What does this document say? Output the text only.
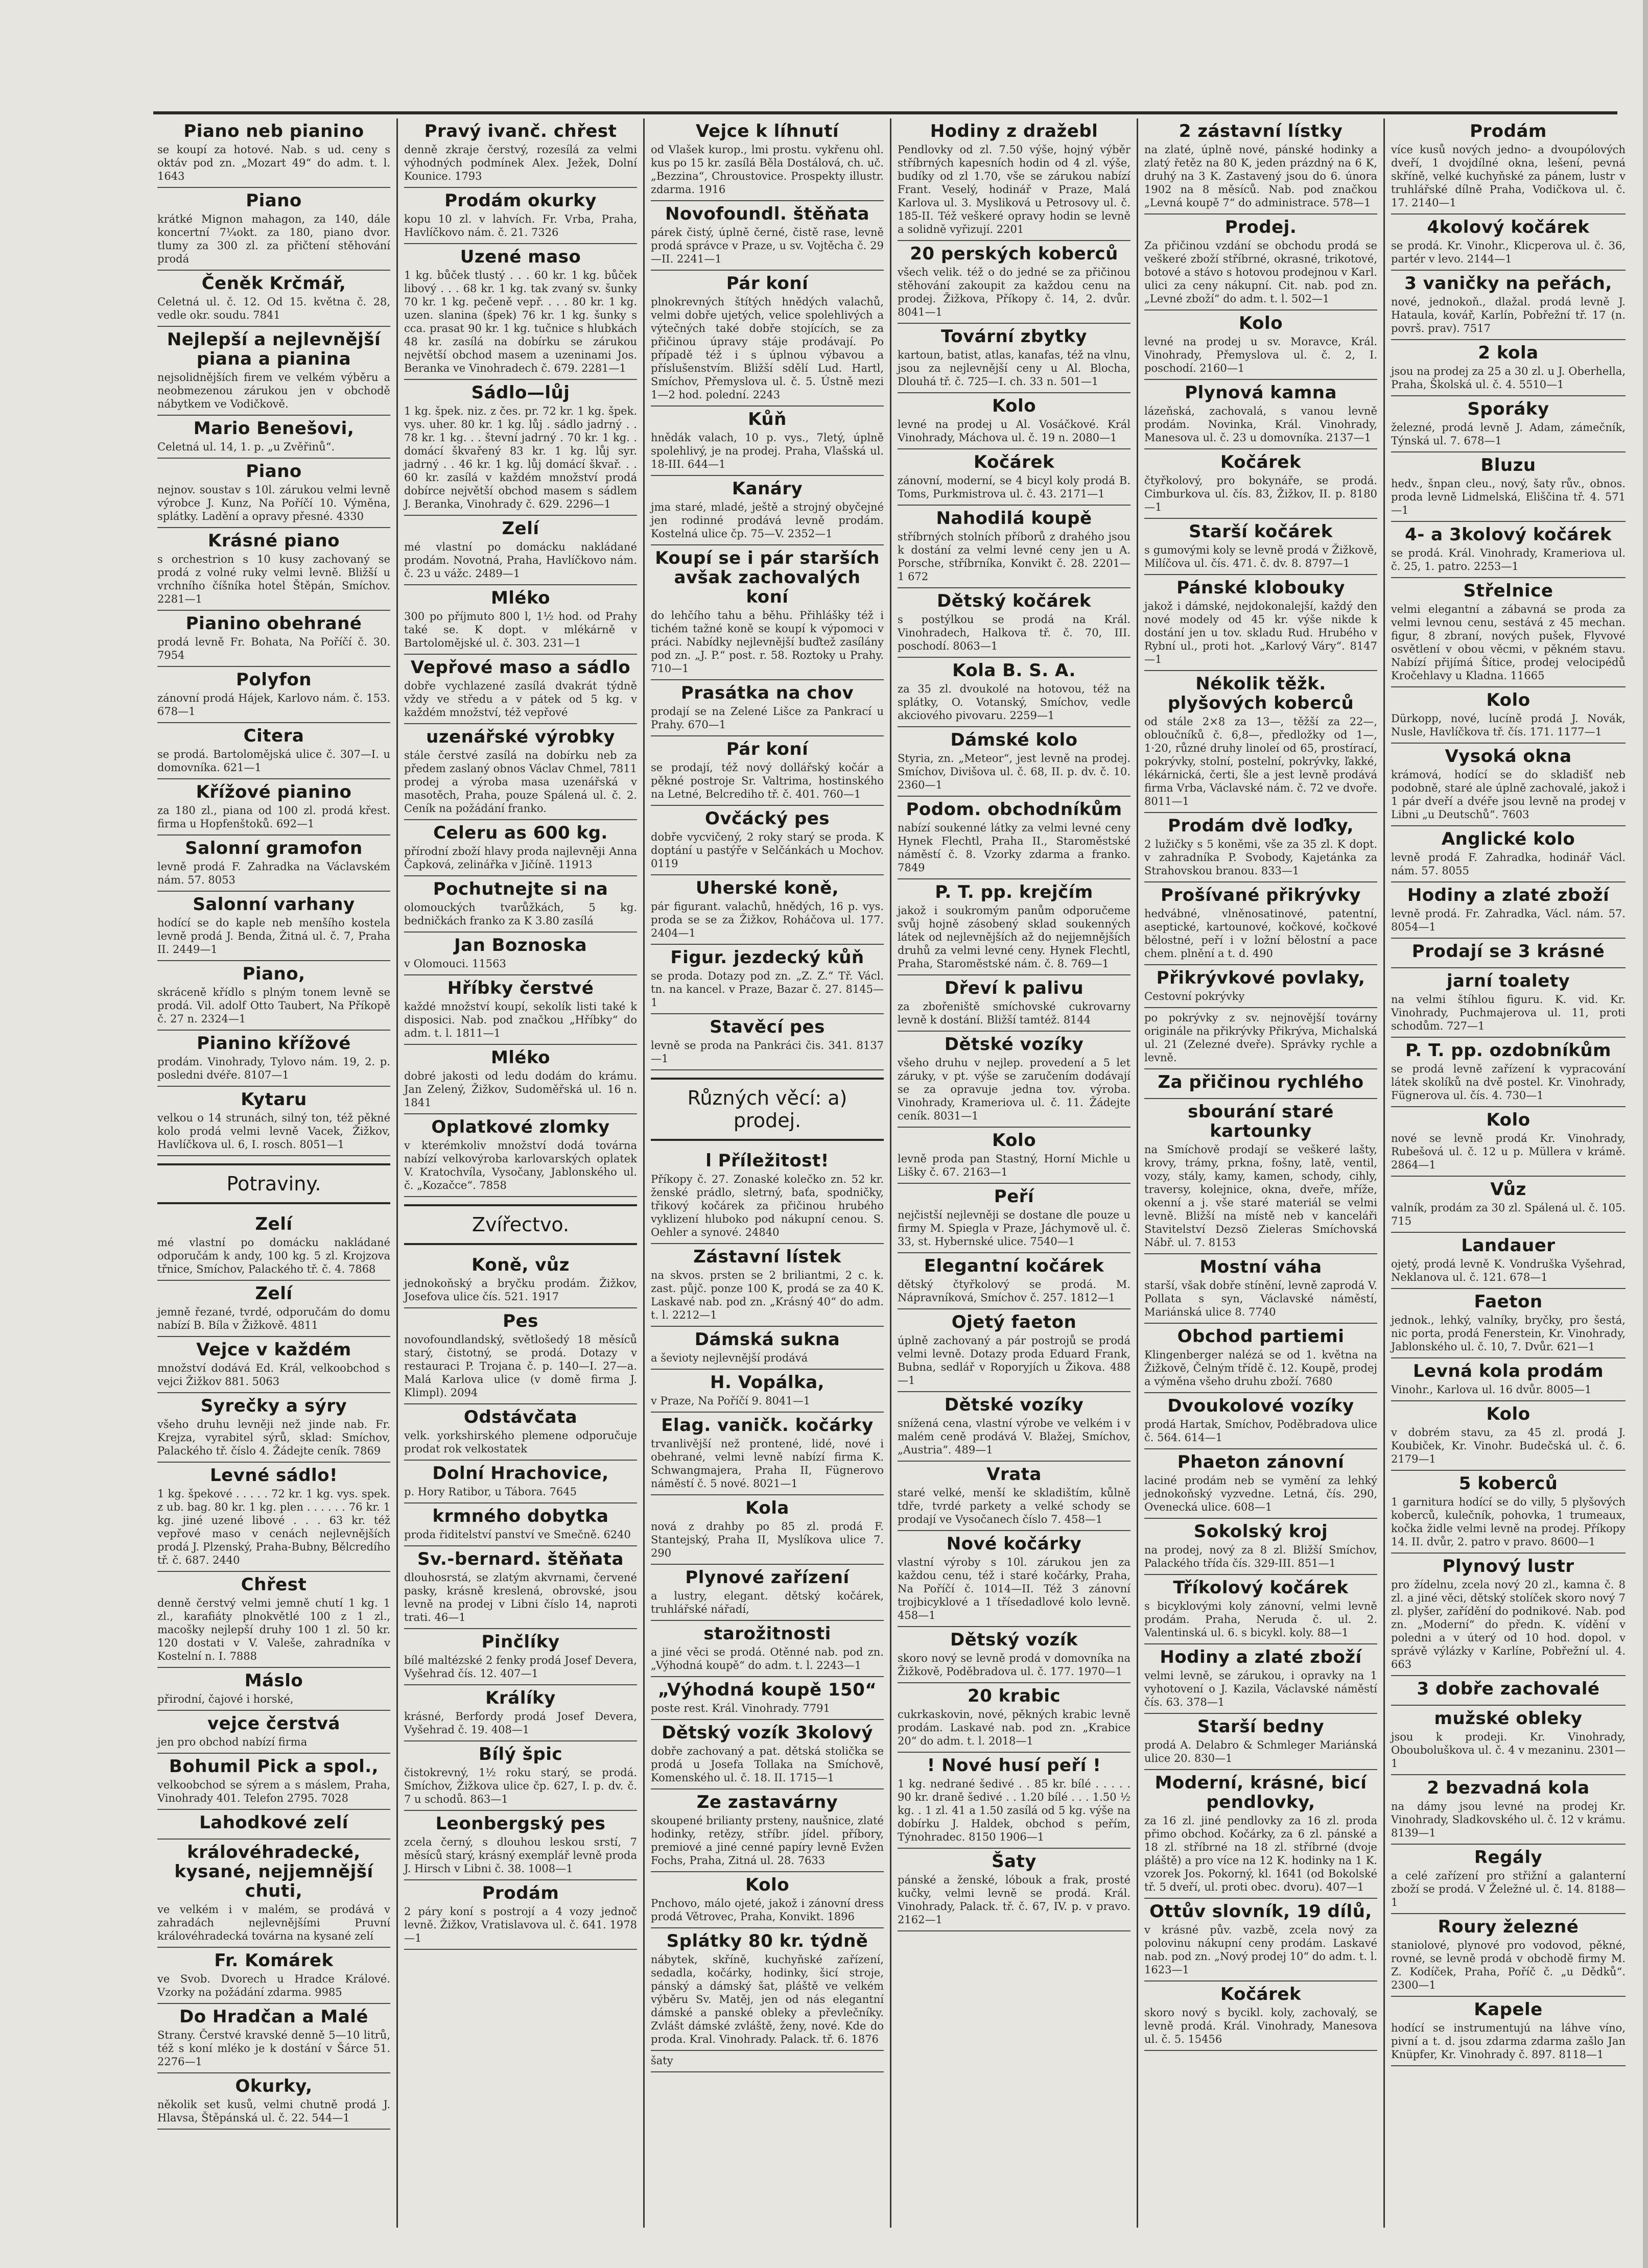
Piano neb pianino

se koupí za hotové. Nab. s ud. ceny s oktáv pod zn. „Mozart 49“ do adm. t. l. 1643

Piano

krátké Mignon mahagon, za 140, dále koncertní 7¼okt. za 180, piano dvor. tlumy za 300 zl. za přičtení stěhování prodá

Čeněk Krčmář,

Celetná ul. č. 12. Od 15. května č. 28, vedle okr. soudu. 7841

Nejlepší a nejlevnější piana a pianina

nejsolidnějších firem ve velkém výběru a neobmezenou zárukou jen v obchodě nábytkem ve Vodičkově.

Mario Benešovi,

Celetná ul. 14, 1. p. „u Zvěřinů“.

Piano

nejnov. soustav s 10l. zárukou velmi levně výrobce J. Kunz, Na Poříčí 10. Výměna, splátky. Ladění a opravy přesné. 4330

Krásné piano

s orchestrion s 10 kusy zachovaný se prodá z volné ruky velmi levně. Bližší u vrchního číšníka hotel Štěpán, Smíchov. 2281—1

Pianino obehrané

prodá levně Fr. Bohata, Na Poříčí č. 30. 7954

Polyfon

zánovní prodá Hájek, Karlovo nám. č. 153. 678—1

Citera

se prodá. Bartolomějská ulice č. 307—I. u domovníka. 621—1

Křížové pianino

za 180 zl., piana od 100 zl. prodá křest. firma u Hopfenštoků. 692—1

Salonní gramofon

levně prodá F. Zahradka na Václavském nám. 57. 8053

Salonní varhany

hodící se do kaple neb menšího kostela levně prodá J. Benda, Žitná ul. č. 7, Praha II. 2449—1

Piano,

skráceně křídlo s plným tonem levně se prodá. Vil. adolf Otto Taubert, Na Příkopě č. 27 n. 2324—1

Pianino křížové

prodám. Vinohrady, Tylovo nám. 19, 2. p. posledni dvéře. 8107—1

Kytaru

velkou o 14 strunách, silný ton, též pěkné kolo prodá velmi levně Vacek, Žižkov, Havlíčkova ul. 6, I. rosch. 8051—1

Potraviny.
Zelí

mé vlastní po domácku nakládané odporučám k andy, 100 kg. 5 zl. Krojzova třnice, Smíchov, Palackého tř. č. 4. 7868

Zelí

jemně řezané, tvrdé, odporučám do domu nabízí B. Bíla v Žižkově. 4811

Vejce v každém

množství dodává Ed. Král, velkoobchod s vejci Žižkov 881. 5063

Syrečky a sýry

všeho druhu levněji než jinde nab. Fr. Krejza, vyrabitel sýrů, sklad: Smíchov, Palackého tř. číslo 4. Žádejte ceník. 7869

Levné sádlo!

1 kg. špekové . . . . . 72 kr. 1 kg. vys. spek. z ub. bag. 80 kr. 1 kg. plen . . . . . . 76 kr. 1 kg. jiné uzené libové . . . 63 kr. též vepřové maso v cenách nejlevnějších prodá J. Plzenský, Praha-Bubny, Bělcredího tř. č. 687. 2440

Chřest

denně čerstvý velmi jemně chutí 1 kg. 1 zl., karafiáty plnokvětlé 100 z 1 zl., macošky nejlepší druhy 100 1 zl. 50 kr. 120 dostati v V. Valeše, zahradníka v Kostelní n. I. 7888

Máslo

přirodní, čajové i horské,

vejce čerstvá

jen pro obchod nabízí firma

Bohumil Pick a spol.,

velkoobchod se sýrem a s máslem, Praha, Vinohrady 401. Telefon 2795. 7028

Lahodkové zelí
královéhradecké, kysané, nejjemnější chuti,

ve velkém i v malém, se prodává v zahradách nejlevnějšími Pruvní královéhradecká továrna na kysané zelí

Fr. Komárek

ve Svob. Dvorech u Hradce Králové. Vzorky na požádání zdarma. 9985

Do Hradčan a Malé

Strany. Čerstvé kravské denně 5—10 litrů, též s koní mléko je k dostání v Šárce 51. 2276—1

Okurky,

několik set kusů, velmi chutně prodá J. Hlavsa, Štěpánská ul. č. 22. 544—1

Pravý ivanč. chřest

denně zkraje čerstvý, rozesílá za velmi výhodných podmínek Alex. Ježek, Dolní Kounice. 1793

Prodám okurky

kopu 10 zl. v lahvích. Fr. Vrba, Praha, Havlíčkovo nám. č. 21. 7326

Uzené maso

1 kg. bůček tlustý . . . 60 kr. 1 kg. bůček libový . . . 68 kr. 1 kg. tak zvaný sv. šunky 70 kr. 1 kg. pečeně vepř. . . . 80 kr. 1 kg. uzen. slanina (špek) 76 kr. 1 kg. šunky s cca. prasat 90 kr. 1 kg. tučnice s hlubkách 48 kr. zasílá na dobírku se zárukou největší obchod masem a uzeninami Jos. Beranka ve Vinohradech č. 679. 2281—1

Sádlo—lůj

1 kg. špek. niz. z čes. pr. 72 kr. 1 kg. špek. vys. uher. 80 kr. 1 kg. lůj . sádlo jadrný . . 78 kr. 1 kg. . . števní jadrný . 70 kr. 1 kg. . domácí škvařený 83 kr. 1 kg. lůj syr. jadrný . . 46 kr. 1 kg. lůj domácí škvař. . . 60 kr. zasílá v každém množství prodá dobírce největší obchod masem s sádlem J. Beranka, Vinohrady č. 629. 2296—1

Zelí

mé vlastní po domácku nakládané prodám. Novotná, Praha, Havlíčkovo nám. č. 23 u vážc. 2489—1

Mléko

300 po příjmuto 800 l, 1½ hod. od Prahy také se. K dopt. v mlékárně v Bartolomějské ul. č. 303. 231—1

Vepřové maso a sádlo

dobře vychlazené zasílá dvakrát týdně vždy ve středu a v pátek od 5 kg. v každém množství, též vepřové

uzenářské výrobky

stále čerstvé zasílá na dobírku neb za předem zaslaný obnos Václav Chmel, 7811 prodej a výroba masa uzenářská v masotěch, Praha, pouze Spálená ul. č. 2. Ceník na požádání franko.

Celeru as 600 kg.

přírodní zboží hlavy proda najlevněji Anna Čapková, zelinářka v Jičíně. 11913

Pochutnejte si na

olomouckých tvarůžkách, 5 kg. bedničkách franko za K 3.80 zasílá

Jan Boznoska

v Olomouci. 11563

Hříbky čerstvé

každé množství koupí, sekolík listi také k disposici. Nab. pod značkou „Hříbky“ do adm. t. l. 1811—1

Mléko

dobré jakosti od ledu dodám do krámu. Jan Zelený, Žižkov, Sudoměřská ul. 16 n. 1841

Oplatkové zlomky

v kterémkoliv množství dodá továrna nabízí velkovýroba karlovarských oplatek V. Kratochvíla, Vysočany, Jablonského ul. č. „Kozačce“. 7858

Zvířectvo.
Koně, vůz

jednokoňský a bryčku prodám. Žižkov, Josefova ulice čís. 521. 1917

Pes

novofoundlandský, světlošedý 18 měsíců starý, čistotný, se prodá. Dotazy v restauraci P. Trojana č. p. 140—I. 27—a. Malá Karlova ulice (v domě firma J. Klimpl). 2094

Odstávčata

velk. yorkshirského plemene odporučuje prodat rok velkostatek

Dolní Hrachovice,

p. Hory Ratibor, u Tábora. 7645

krmného dobytka

proda řiditelství panství ve Smečně. 6240

Sv.-bernard. štěňata

dlouhosrstá, se zlatým akvrnami, červené pasky, krásně kreslená, obrovské, jsou levně na prodej v Libni číslo 14, naproti trati. 46—1

Pinčlíky

bílé maltézské 2 fenky prodá Josef Devera, Vyšehrad čís. 12. 407—1

Králíky

krásné, Berfordy prodá Josef Devera, Vyšehrad č. 19. 408—1

Bílý špic

čistokrevný, 1½ roku starý, se prodá. Smíchov, Žižkova ulice čp. 627, I. p. dv. č. 7 u schodů. 863—1

Leonbergský pes

zcela černý, s dlouhou leskou srstí, 7 měsíců starý, krásný exemplář levně proda J. Hirsch v Libni č. 38. 1008—1

Prodám

2 páry koní s postrojí a 4 vozy jednoč levně. Žižkov, Vratislavova ul. č. 641. 1978—1

Vejce k líhnutí

od Vlašek kurop., lmi prostu. vykřenu ohl. kus po 15 kr. zasílá Běla Dostálová, ch. uč. „Bezzina“, Chroustovice. Prospekty illustr. zdarma. 1916

Novofoundl. štěňata

párek čistý, úplně černé, čistě rase, levně prodá správce v Praze, u sv. Vojtěcha č. 29—II. 2241—1

Pár koní

plnokrevných štítých hnědých valachů, velmi dobře ujetých, velice spolehlivých a výtečných také dobře stojících, se za přičinou úpravy stáje prodávají. Po případě též i s úplnou výbavou a příslušenstvím. Bližší sdělí Lud. Hartl, Smíchov, Přemyslova ul. č. 5. Ústně mezi 1—2 hod. polední. 2243

Kůň

hnědák valach, 10 p. vys., 7letý, úplně spolehlivý, je na prodej. Praha, Vlašská ul. 18-III. 644—1

Kanáry

jma staré, mladé, ještě a strojný obyčejné jen rodinné prodává levně prodám. Kostelná ulice čp. 75—V. 2352—1

Koupí se i pár starších avšak zachovalých koní

do lehčího tahu a běhu. Přihlášky též i tichém tažné koně se koupí k výpomoci v práci. Nabídky nejlevnější buďtež zasílány pod zn. „J. P.“ post. r. 58. Roztoky u Prahy. 710—1

Prasátka na chov

prodají se na Zelené Lišce za Pankrací u Prahy. 670—1

Pár koní

se prodají, též nový dollářský kočár a pěkné postroje Sr. Valtrima, hostinského na Letné, Belcrediho tř. č. 401. 760—1

Ovčácký pes

dobře vycvičený, 2 roky starý se proda. K doptání u pastýře v Selčánkách u Mochov. 0119

Uherské koně,

pár figurant. valachů, hnědých, 16 p. vys. proda se se za Žižkov, Roháčova ul. 177. 2404—1

Figur. jezdecký kůň

se proda. Dotazy pod zn. „Z. Z.“ Tř. Václ. tn. na kancel. v Praze, Bazar č. 27. 8145—1

Stavěcí pes

levně se proda na Pankráci čis. 341. 8137—1

Různých věcí: a) prodej.
l Příležitost!

Příkopy č. 27. Zonaské kolečko zn. 52 kr. ženské prádlo, sletrný, baťa, spodničky, třikový kočárek za přičinou hrubého vyklizení hluboko pod nákupní cenou. S. Oehler a synové. 24840

Zástavní lístek

na skvos. prsten se 2 briliantmi, 2 c. k. zast. půjč. ponze 100 K, prodá se za 40 K. Laskavé nab. pod zn. „Krásný 40“ do adm. t. l. 2212—1

Dámská sukna

a ševioty nejlevnější prodává

H. Vopálka,

v Praze, Na Poříčí 9. 8041—1

Elag. vaničk. kočárky

trvanlivější než prontené, lidé, nové i obehrané, velmi levně nabízí firma K. Schwangmajera, Praha II, Fügnerovo náměstí č. 5 nové. 8021—1

Kola

nová z drahby po 85 zl. prodá F. Stantejský, Praha II, Myslíkova ulice 7. 290

Plynové zařízení

a lustry, elegant. dětský kočárek, truhlářské nářadí,

starožitnosti

a jiné věci se prodá. Otěnné nab. pod zn. „Výhodná koupě“ do adm. t. l. 2243—1

„Výhodná koupě 150“

poste rest. Král. Vinohrady. 7791

Dětský vozík 3kolový

dobře zachovaný a pat. dětská stolička se prodá u Josefa Tollaka na Smíchově, Komenského ul. č. 18. II. 1715—1

Ze zastavárny

skoupené brilianty prsteny, naušnice, zlaté hodinky, retězy, stříbr. jídel. příbory, premiové a jiné cenné papíry levně Evžen Fochs, Praha, Zitná ul. 28. 7633

Kolo

Pnchovo, málo ojeté, jakož i zánovní dress prodá Větrovec, Praha, Konvikt. 1896

Splátky 80 kr. týdně

nábytek, skříně, kuchyňské zařízení, sedadla, kočárky, hodinky, šicí stroje, pánský a dámský šat, pláště ve velkém výběru Sv. Matěj, jen od nás elegantní dámské a panské obleky a převlečníky. Zvlášt dámské zvláště, ženy, nové. Kde do proda. Kral. Vinohrady. Palack. tř. 6. 1876

šaty

Hodiny z dražebl

Pendlovky od zl. 7.50 výše, hojný výběr stříbrných kapesních hodin od 4 zl. výše, budíky od zl 1.70, vše se zárukou nabízí Frant. Veselý, hodinář v Praze, Malá Karlova ul. 3. Mysliková u Petrosovy ul. č. 185-II. Též veškeré opravy hodin se levně a solidně vyřizují. 2201

20 perských koberců

všech velik. též o do jedné se za přičinou stěhování zakoupit za každou cenu na prodej. Žižkova, Příkopy č. 14, 2. dvůr. 8041—1

Tovární zbytky

kartoun, batist, atlas, kanafas, též na vlnu, jsou za nejlevnější ceny u Al. Blocha, Dlouhá tř. č. 725—I. ch. 33 n. 501—1

Kolo

levné na prodej u Al. Vosáčkové. Král Vinohrady, Máchova ul. č. 19 n. 2080—1

Kočárek

zánovní, moderní, se 4 bicyl koly prodá B. Toms, Purkmistrova ul. č. 43. 2171—1

Nahodilá koupě

stříbrných stolních příborů z drahého jsou k dostání za velmi levné ceny jen u A. Porsche, stříbrníka, Konvikt č. 28. 2201—1 672

Dětský kočárek

s postýlkou se prodá na Král. Vinohradech, Halkova tř. č. 70, III. poschodí. 8063—1

Kola B. S. A.

za 35 zl. dvoukolé na hotovou, též na splátky, O. Votanský, Smíchov, vedle akciového pivovaru. 2259—1

Dámské kolo

Styria, zn. „Meteor“, jest levně na prodej. Smíchov, Divišova ul. č. 68, II. p. dv. č. 10. 2360—1

Podom. obchodníkům

nabízí soukenné látky za velmi levné ceny Hynek Flechtl, Praha II., Staroměstské náměstí č. 8. Vzorky zdarma a franko. 7849

P. T. pp. krejčím

jakož i soukromým panům odporučeme svůj hojně zásobený sklad soukenných látek od nejlevnějších až do nejjemnějších druhů za velmi levné ceny. Hynek Flechtl, Praha, Staroměstské nám. č. 8. 769—1

Dřeví k palivu

za zbořeniště smíchovské cukrovarny levně k dostání. Bližší tamtéž. 8144

Dětské vozíky

všeho druhu v nejlep. provedení a 5 let záruky, v pt. výše se zaručením dodávají se za opravuje jedna tov. výroba. Vinohrady, Krameriova ul. č. 11. Žádejte ceník. 8031—1

Kolo

levně proda pan Stastný, Horní Michle u Lišky č. 67. 2163—1

Peří

nejčistší nejlevněji se dostane dle pouze u firmy M. Spiegla v Praze, Jáchymově ul. č. 33, st. Hybernské ulice. 7540—1

Elegantní kočárek

dětský čtyřkolový se prodá. M. Nápravníková, Smíchov č. 257. 1812—1

Ojetý faeton

úplně zachovaný a pár postrojů se prodá velmi levně. Dotazy proda Eduard Frank, Bubna, sedlář v Roporyjích u Žikova. 488—1

Dětské vozíky

snížená cena, vlastní výrobe ve velkém i v malém ceně prodává V. Blažej, Smíchov, „Austria“. 489—1

Vrata

staré velké, menší ke skladištím, kůlně tdře, tvrdé parkety a velké schody se prodají ve Vysočanech číslo 7. 458—1

Nové kočárky

vlastní výroby s 10l. zárukou jen za každou cenu, též i staré kočárky, Praha, Na Poříčí č. 1014—II. Též 3 zánovní trojbicyklové a 1 třísedadlové kolo levně. 458—1

Dětský vozík

skoro nový se levně prodá v domovníka na Žižkově, Poděbradova ul. č. 177. 1970—1

20 krabic

cukrkaskovin, nové, pěkných krabic levně prodám. Laskavé nab. pod zn. „Krabice 20“ do adm. t. l. 2018—1

! Nové husí peří !

1 kg. nedrané šedivé . . 85 kr. bílé . . . . . 90 kr. draně šedivé . . 1.20 bílé . . . 1.50 ½ kg. . 1 zl. 41 a 1.50 zasílá od 5 kg. výše na dobírku J. Haldek, obchod s peřím, Týnohradec. 8150 1906—1

Šaty

pánské a ženské, lóbouk a frak, prosté kučky, velmi levně se prodá. Král. Vinohrady, Palack. tř. č. 67, IV. p. v pravo. 2162—1

2 zástavní lístky

na zlaté, úplně nové, pánské hodinky a zlatý řetěz na 80 K, jeden prázdný na 6 K, druhý na 3 K. Zastavený jsou do 6. února 1902 na 8 měsíců. Nab. pod značkou „Levná koupě 7“ do administrace. 578—1

Prodej.

Za přičinou vzdání se obchodu prodá se veškeré zboží stříbrné, okrasné, trikotové, botové a stávo s hotovou prodejnou v Karl. ulici za ceny nákupní. Cit. nab. pod zn. „Levné zboží“ do adm. t. l. 502—1

Kolo

levné na prodej u sv. Moravce, Král. Vinohrady, Přemyslova ul. č. 2, I. poschodí. 2160—1

Plynová kamna

lázeňská, zachovalá, s vanou levně prodám. Novinka, Král. Vinohrady, Manesova ul. č. 23 u domovníka. 2137—1

Kočárek

čtyřkolový, pro bokynáře, se prodá. Cimburkova ul. čís. 83, Žižkov, II. p. 8180—1

Starší kočárek

s gumovými koly se levně prodá v Žižkově, Milíčova ul. čís. 471. č. dv. 8. 8797—1

Pánské klobouky

jakož i dámské, nejdokonalejší, každý den nové modely od 45 kr. výše nikde k dostání jen u tov. skladu Rud. Hrubého v Rybní ul., proti hot. „Karlový Váry“. 8147—1

Nékolik těžk. plyšových koberců

od stále 2×8 za 13—, těžší za 22—, obloučníků č. 6,8—, předložky od 1—, 1·20, různé druhy linoleí od 65, prostírací, pokrývky, stolní, postelní, pokrývky, ľakké, lékárnická, čerti, šle a jest levně prodává firma Vrba, Václavské nám. č. 72 ve dvoře. 8011—1

Prodám dvě loďky,

2 lužičky s 5 koněmi, vše za 35 zl. K dopt. v zahradníka P. Svobody, Kajetánka za Strahovskou branou. 833—1

Prošívané přikrývky

hedvábné, vlněnosatinové, patentní, aseptické, kartounové, kočkové, kočkové bělostné, peří i v ložní bělostní a pace chem. plnění a t. d. 490

Přikrývkové povlaky,

Cestovní pokrývky

po pokrývky z sv. nejnovější továrny originále na přikrývky Přikrýva, Michalská ul. 21 (Zelezné dveře). Správky rychle a levně.

Za přičinou rychlého
sbourání staré kartounky

na Smíchově prodají se veškeré lašty, krovy, trámy, prkna, fošny, latě, ventil, vozy, stály, kamy, kamen, schody, cihly, traversy, kolejnice, okna, dveře, mříže, okenní a j. vše staré materiál se velmi levně. Bližší na místě neb v kanceláři Stavitelství Dezsö Zieleras Smíchovská Nábř. ul. 7. 8153

Mostní váha

starší, však dobře stínění, levně zaprodá V. Pollata s syn, Václavské náměstí, Mariánská ulice 8. 7740

Obchod partiemi

Klingenberger nalézá se od 1. května na Žižkově, Čelným třídě č. 12. Koupě, prodej a výměna všeho druhu zboží. 7680

Dvoukolové vozíky

prodá Hartak, Smíchov, Poděbradova ulice č. 564. 614—1

Phaeton zánovní

laciné prodám neb se vymění za lehký jednokoňský vyzvedne. Letná, čís. 290, Ovenecká ulice. 608—1

Sokolský kroj

na prodej, nový za 8 zl. Bližší Smíchov, Palackého třída čís. 329-III. 851—1

Tříkolový kočárek

s bicyklovými koly zánovní, velmi levně prodám. Praha, Neruda č. ul. 2. Valentinská ul. 6. s bicykl. koly. 88—1

Hodiny a zlaté zboží

velmi levně, se zárukou, i opravky na 1 vyhotovení o J. Kazila, Václavské náměstí čís. 63. 378—1

Starší bedny

prodá A. Delabro & Schmleger Mariánská ulice 20. 830—1

Moderní, krásné, bicí pendlovky,

za 16 zl. jiné pendlovky za 16 zl. proda přimo obchod. Kočárky, za 6 zl. pánské a 18 zl. stříbrné na 18 zl. stříbrné (dvoje pláště) a pro více na 12 K. hodinky na 1 K. vzorek Jos. Pokorný, kl. 1641 (od Bokolské tř. 5 dveří, ul. proti obec. dvoru). 407—1

Ottův slovník, 19 dílů,

v krásné pův. vazbě, zcela nový za polovinu nákupní ceny prodám. Laskavé nab. pod zn. „Nový prodej 10“ do adm. t. l. 1623—1

Kočárek

skoro nový s bycikl. koly, zachovalý, se levně prodá. Král. Vinohrady, Manesova ul. č. 5. 15456

Prodám

více kusů nových jedno- a dvoupólových dveří, 1 dvojdílné okna, lešení, pevná skříně, velké kuchyňské za pánem, lustr v truhlářské dílně Praha, Vodičkova ul. č. 17. 2140—1

4kolový kočárek

se prodá. Kr. Vinohr., Klicperova ul. č. 36, partér v levo. 2144—1

3 vaničky na peřách,

nové, jednokoň., dlažal. prodá levně J. Hataula, kovář, Karlín, Pobřežní tř. 17 (n. površ. prav). 7517

2 kola

jsou na prodej za 25 a 30 zl. u J. Oberhella, Praha, Školská ul. č. 4. 5510—1

Sporáky

železné, prodá levně J. Adam, zámečník, Týnská ul. 7. 678—1

Bluzu

hedv., šnpan cleu., nový, šaty rův., obnos. proda levně Lidmelská, Eliščina tř. 4. 571—1

4- a 3kolový kočárek

se prodá. Král. Vinohrady, Krameriova ul. č. 25, 1. patro. 2253—1

Střelnice

velmi elegantní a zábavná se proda za velmi levnou cenu, sestává z 45 mechan. figur, 8 zbraní, nových pušek, Flyvové osvětlení v obou věcmi, v pěkném stavu. Nabízí přijímá Šítice, prodej velocipédů Kročehlavy u Kladna. 11665

Kolo

Dürkopp, nové, lucíně prodá J. Novák, Nusle, Havlíčkova tř. čís. 171. 1177—1

Vysoká okna

krámová, hodící se do skladišť neb podobně, staré ale úplně zachovalé, jakož i 1 pár dveří a dvéře jsou levně na prodej v Libni „u Deutschů“. 7603

Anglické kolo

levně prodá F. Zahradka, hodinář Václ. nám. 57. 8055

Hodiny a zlaté zboží

levně prodá. Fr. Zahradka, Václ. nám. 57. 8054—1

Prodají se 3 krásné
jarní toalety

na velmi štíhlou figuru. K. vid. Kr. Vinohrady, Puchmajerova ul. 11, proti schodům. 727—1

P. T. pp. ozdobníkům

se prodá levně zařízení k vypracování látek skolíků na dvě postel. Kr. Vinohrady, Fügnerova ul. čís. 4. 730—1

Kolo

nové se levně prodá Kr. Vinohrady, Rubešová ul. č. 12 u p. Müllera v krámě. 2864—1

Vůz

valník, prodám za 30 zl. Spálená ul. č. 105. 715

Landauer

ojetý, prodá levně K. Vondruška Vyšehrad, Neklanova ul. č. 121. 678—1

Faeton

jednok., lehký, valníky, bryčky, pro šestá, nic porta, prodá Fenerstein, Kr. Vinohrady, Jablonského ul. č. 10, 7. Dvůr. 621—1

Levná kola prodám

Vinohr., Karlova ul. 16 dvůr. 8005—1

Kolo

v dobrém stavu, za 45 zl. prodá J. Koubiček, Kr. Vinohr. Budečská ul. č. 6. 2179—1

5 koberců

1 garnitura hodící se do villy, 5 plyšových koberců, kulečník, pohovka, 1 trumeaux, kočka židle velmi levně na prodej. Příkopy 14. II. dvůr, 2. patro v pravo. 8600—1

Plynový lustr

pro žídelnu, zcela nový 20 zl., kamna č. 8 zl. a jiné věci, dětský stolíček skoro nový 7 zl. plyšer, zařídění do podnikové. Nab. pod zn. „Moderní“ do předn. K. vídění v poledni a v úterý od 10 hod. dopol. v správě výlázky v Karlíne, Pobřežní ul. 4. 663

3 dobře zachovalé
mužské obleky

jsou k prodeji. Kr. Vinohrady, Obouboluškova ul. č. 4 v mezaninu. 2301—1

2 bezvadná kola

na dámy jsou levné na prodej Kr. Vinohrady, Sladkovského ul. č. 12 v krámu. 8139—1

Regály

a celé zařízení pro střižní a galanterní zboží se prodá. V Želežné ul. č. 14. 8188—1

Roury železné

staniolové, plynové pro vodovod, pěkné, rovné, se levně prodá v obchodě firmy M. Z. Kodíček, Praha, Poříč č. „u Dědků“. 2300—1

Kapele

hodící se instrumentujú na láhve víno, pivní a t. d. jsou zdarma zdarma zašlo Jan Knüpfer, Kr. Vinohrady č. 897. 8118—1
